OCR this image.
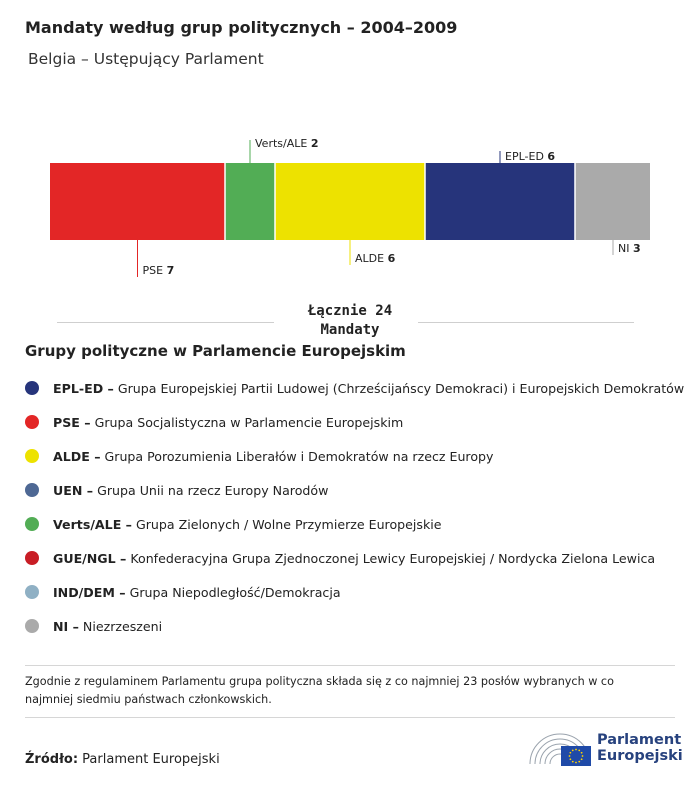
Mandaty według grup politycznych – 2004–2009
Belgia – Ustępujący Parlament
PSE 7
Verts/ALE 2
ALDE 6
EPL-ED 6
NI 3
Łącznie 24
Mandaty
Grupy polityczne w Parlamencie Europejskim
EPL-ED – Grupa Europejskiej Partii Ludowej (Chrześcijańscy Demokraci) i Europejskich Demokratów
PSE – Grupa Socjalistyczna w Parlamencie Europejskim
ALDE – Grupa Porozumienia Liberałów i Demokratów na rzecz Europy
UEN – Grupa Unii na rzecz Europy Narodów
Verts/ALE – Grupa Zielonych / Wolne Przymierze Europejskie
GUE/NGL – Konfederacyjna Grupa Zjednoczonej Lewicy Europejskiej / Nordycka Zielona Lewica
IND/DEM – Grupa Niepodległość/Demokracja
NI – Niezrzeszeni
Zgodnie z regulaminem Parlamentu grupa polityczna składa się z co najmniej 23 posłów wybranych w co najmniej siedmiu państwach członkowskich.
Źródło: Parlament Europejski
Parlament
Europejski
